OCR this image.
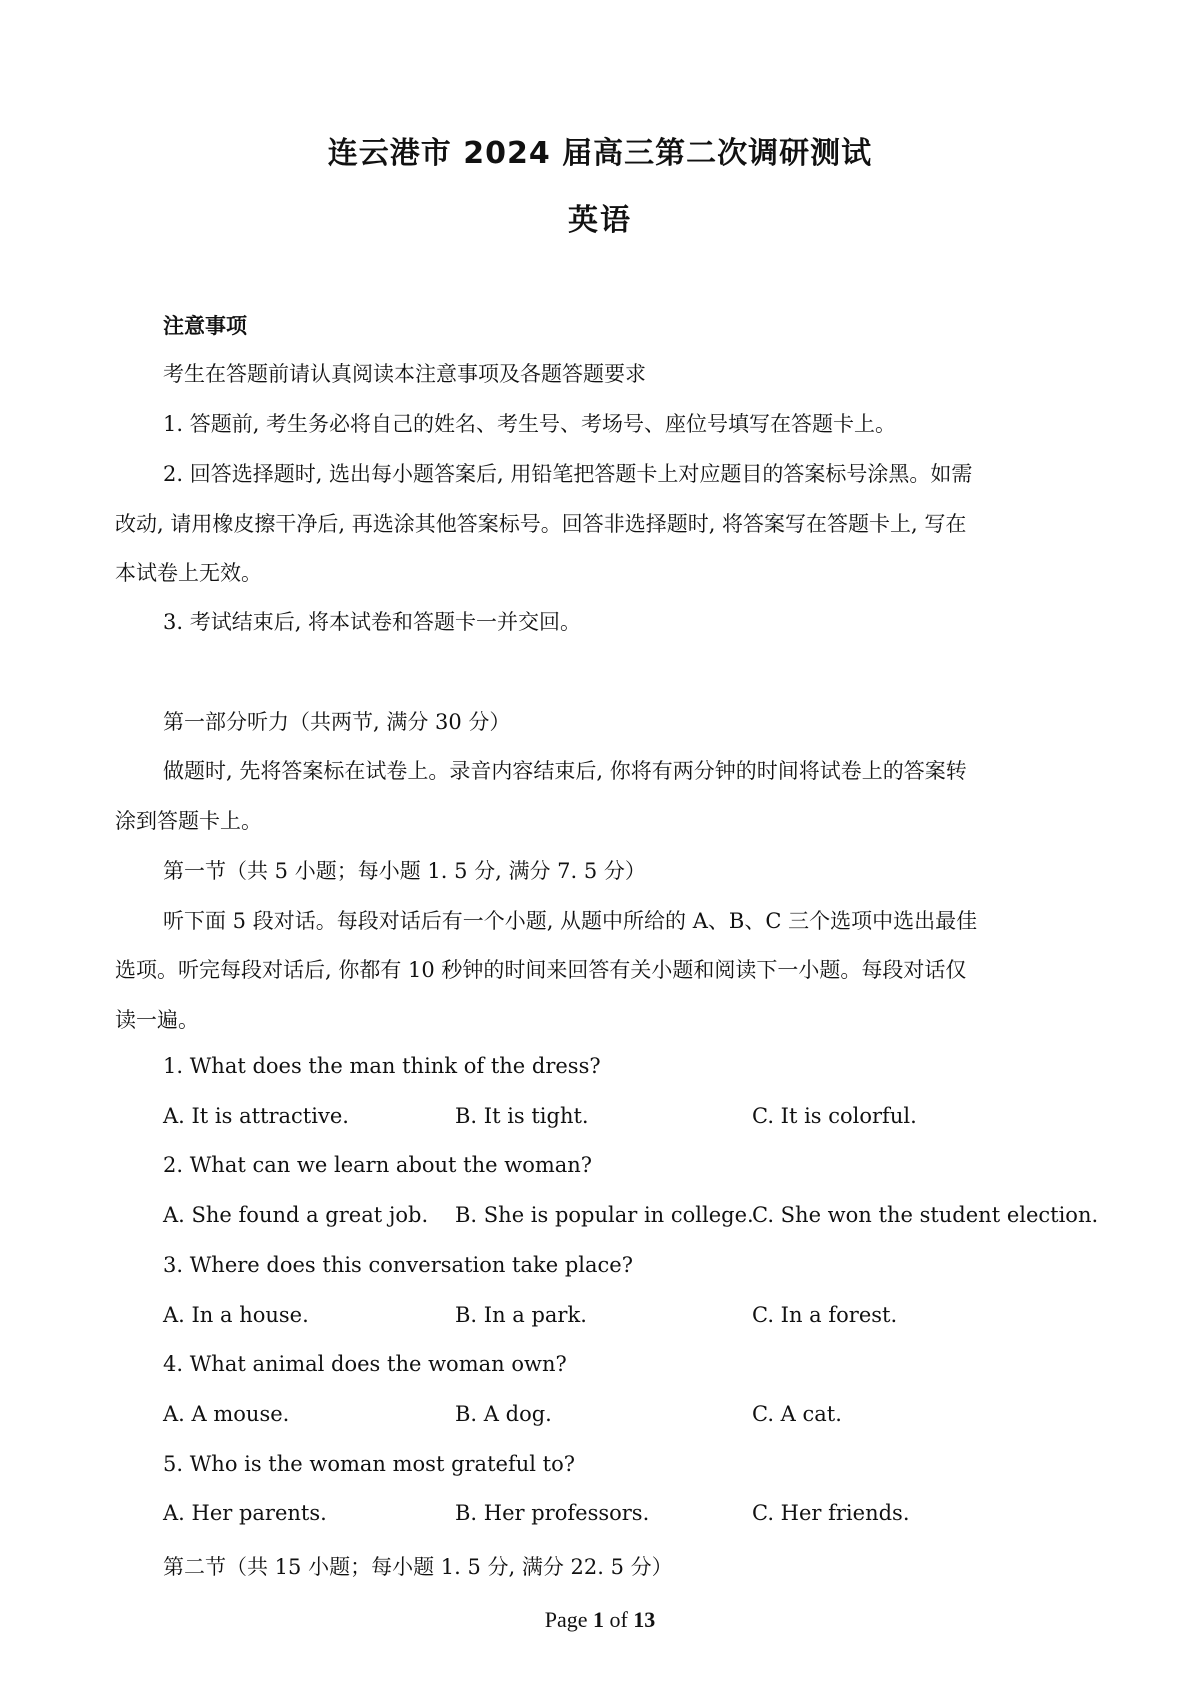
连云港市 2024 届高三第二次调研测试
英语
注意事项
考生在答题前请认真阅读本注意事项及各题答题要求
1. 答题前, 考生务必将自己的姓名、考生号、考场号、座位号填写在答题卡上。
2. 回答选择题时, 选出每小题答案后, 用铅笔把答题卡上对应题目的答案标号涂黑。如需
改动, 请用橡皮擦干净后, 再选涂其他答案标号。回答非选择题时, 将答案写在答题卡上, 写在
本试卷上无效。
3. 考试结束后, 将本试卷和答题卡一并交回。
第一部分听力（共两节, 满分 30 分）
做题时, 先将答案标在试卷上。录音内容结束后, 你将有两分钟的时间将试卷上的答案转
涂到答题卡上。
第一节（共 5 小题；每小题 1. 5 分, 满分 7. 5 分）
听下面 5 段对话。每段对话后有一个小题, 从题中所给的 A、B、C 三个选项中选出最佳
选项。听完每段对话后, 你都有 10 秒钟的时间来回答有关小题和阅读下一小题。每段对话仅
读一遍。
1. What does the man think of the dress?
A. It is attractive.	B. It is tight.	C. It is colorful.
2. What can we learn about the woman?
A. She found a great job. B. She is popular in college.
C. She won the student election.
3. Where does this conversation take place?
A. In a house.	B. In a park.	C. In a forest.
4. What animal does the woman own?
A. A mouse.	B. A dog.	C. A cat.
5. Who is the woman most grateful to?
A. Her parents.	B. Her professors.	C. Her friends.
第二节（共 15 小题；每小题 1. 5 分, 满分 22. 5 分）
Page 1 of 13
